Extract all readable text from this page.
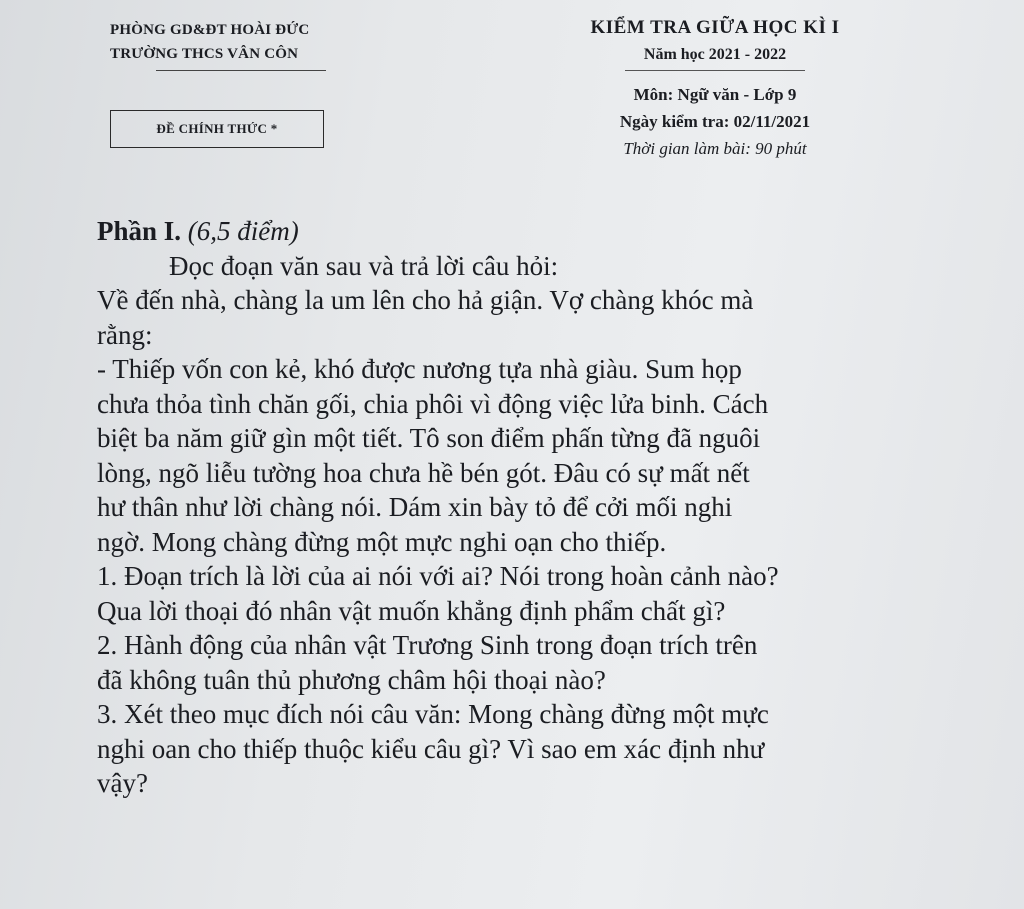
PHÒNG GD&ĐT HOÀI ĐỨC
TRƯỜNG THCS VÂN CÔN
ĐỀ CHÍNH THỨC *
KIỂM TRA GIỮA HỌC KÌ I
Năm học 2021 - 2022
Môn: Ngữ văn - Lớp 9
Ngày kiểm tra: 02/11/2021
Thời gian làm bài: 90 phút
Phần I. (6,5 điểm)
Đọc đoạn văn sau và trả lời câu hỏi:

Về đến nhà, chàng la um lên cho hả giận. Vợ chàng khóc mà

rằng:

- Thiếp vốn con kẻ, khó được nương tựa nhà giàu. Sum họp

chưa thỏa tình chăn gối, chia phôi vì động việc lửa binh. Cách

biệt ba năm giữ gìn một tiết. Tô son điểm phấn từng đã nguôi

lòng, ngõ liễu tường hoa chưa hề bén gót. Đâu có sự mất nết

hư thân như lời chàng nói. Dám xin bày tỏ để cởi mối nghi

ngờ. Mong chàng đừng một mực nghi oạn cho thiếp.

1. Đoạn trích là lời của ai nói với ai? Nói trong hoàn cảnh nào?

Qua lời thoại đó nhân vật muốn khẳng định phẩm chất gì?

2. Hành động của nhân vật Trương Sinh trong đoạn trích trên

đã không tuân thủ phương châm hội thoại nào?

3. Xét theo mục đích nói câu văn: Mong chàng đừng một mực

nghi oan cho thiếp thuộc kiểu câu gì? Vì sao em xác định như

vậy?
